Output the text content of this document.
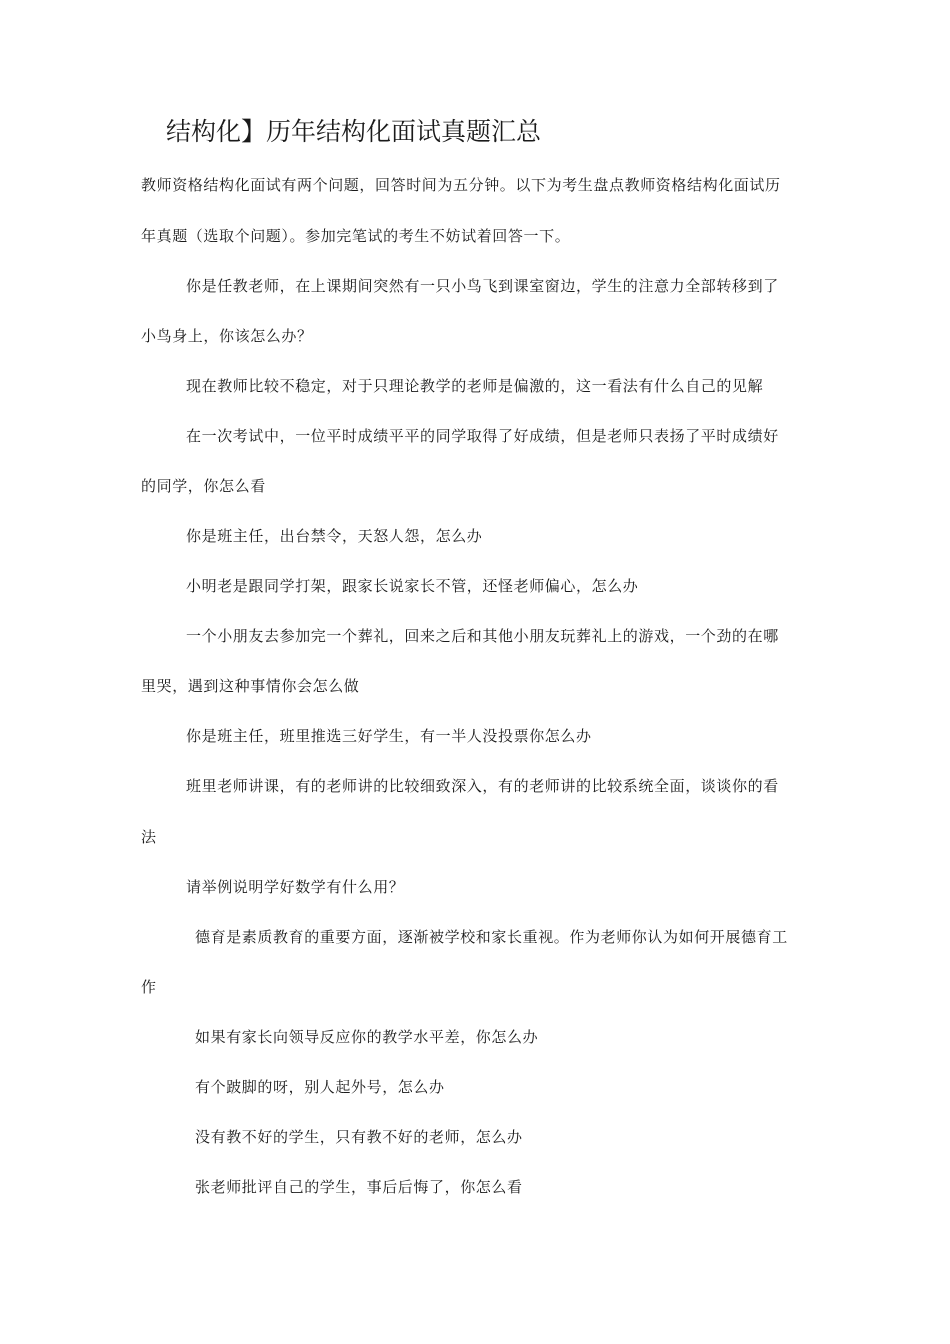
结构化】历年结构化面试真题汇总
教师资格结构化面试有两个问题，回答时间为五分钟。以下为考生盘点教师资格结构化面试历
年真题（选取个问题）。参加完笔试的考生不妨试着回答一下。
你是任教老师，在上课期间突然有一只小鸟飞到课室窗边，学生的注意力全部转移到了
小鸟身上，你该怎么办？
现在教师比较不稳定，对于只理论教学的老师是偏激的，这一看法有什么自己的见解
在一次考试中，一位平时成绩平平的同学取得了好成绩，但是老师只表扬了平时成绩好
的同学，你怎么看
你是班主任，出台禁令，天怒人怨，怎么办
小明老是跟同学打架，跟家长说家长不管，还怪老师偏心，怎么办
一个小朋友去参加完一个葬礼，回来之后和其他小朋友玩葬礼上的游戏，一个劲的在哪
里哭，遇到这种事情你会怎么做
你是班主任，班里推选三好学生，有一半人没投票你怎么办
班里老师讲课，有的老师讲的比较细致深入，有的老师讲的比较系统全面，谈谈你的看
法
请举例说明学好数学有什么用？
德育是素质教育的重要方面，逐渐被学校和家长重视。作为老师你认为如何开展德育工
作
如果有家长向领导反应你的教学水平差，你怎么办
有个跛脚的呀，别人起外号，怎么办
没有教不好的学生，只有教不好的老师，怎么办
张老师批评自己的学生，事后后悔了，你怎么看
